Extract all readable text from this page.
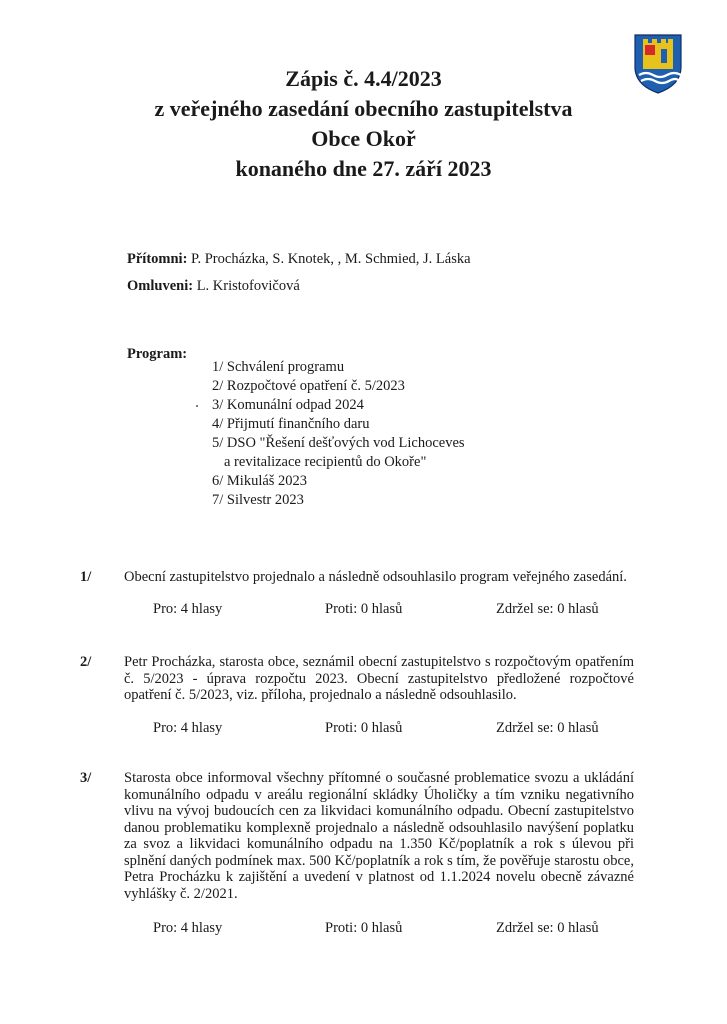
Zápis č. 4.4/2023
z veřejného zasedání obecního zastupitelstva
Obce Okoř
konaného dne 27. září 2023
Přítomni: P. Procházka, S. Knotek, , M. Schmied, J. Láska
Omluveni: L. Kristofovičová
Program:
1/ Schválení programu
2/ Rozpočtové opatření č. 5/2023
3/ Komunální odpad 2024
4/ Přijmutí finančního daru
5/ DSO "Řešení dešťových vod Lichoceves
a revitalizace recipientů do Okoře"
6/ Mikuláš 2023
7/ Silvestr 2023
1/ Obecní zastupitelstvo projednalo a následně odsouhlasilo program veřejného zasedání.
Pro: 4 hlasy	Proti: 0 hlasů	Zdržel se: 0 hlasů
2/ Petr Procházka, starosta obce, seznámil obecní zastupitelstvo s rozpočtovým opatřením č. 5/2023 - úprava rozpočtu 2023. Obecní zastupitelstvo předložené rozpočtové opatření č. 5/2023, viz. příloha, projednalo a následně odsouhlasilo.
Pro: 4 hlasy	Proti: 0 hlasů	Zdržel se: 0 hlasů
3/ Starosta obce informoval všechny přítomné o současné problematice svozu a ukládání komunálního odpadu v areálu regionální skládky Úholičky a tím vzniku negativního vlivu na vývoj budoucích cen za likvidaci komunálního odpadu. Obecní zastupitelstvo danou problematiku komplexně projednalo a následně odsouhlasilo navýšení poplatku za svoz a likvidaci komunálního odpadu na 1.350 Kč/poplatník a rok s úlevou při splnění daných podmínek max. 500 Kč/poplatník a rok s tím, že pověřuje starostu obce, Petra Procházku k zajištění a uvedení v platnost od 1.1.2024 novelu obecně závazné vyhlášky č. 2/2021.
Pro: 4 hlasy	Proti: 0 hlasů	Zdržel se: 0 hlasů
